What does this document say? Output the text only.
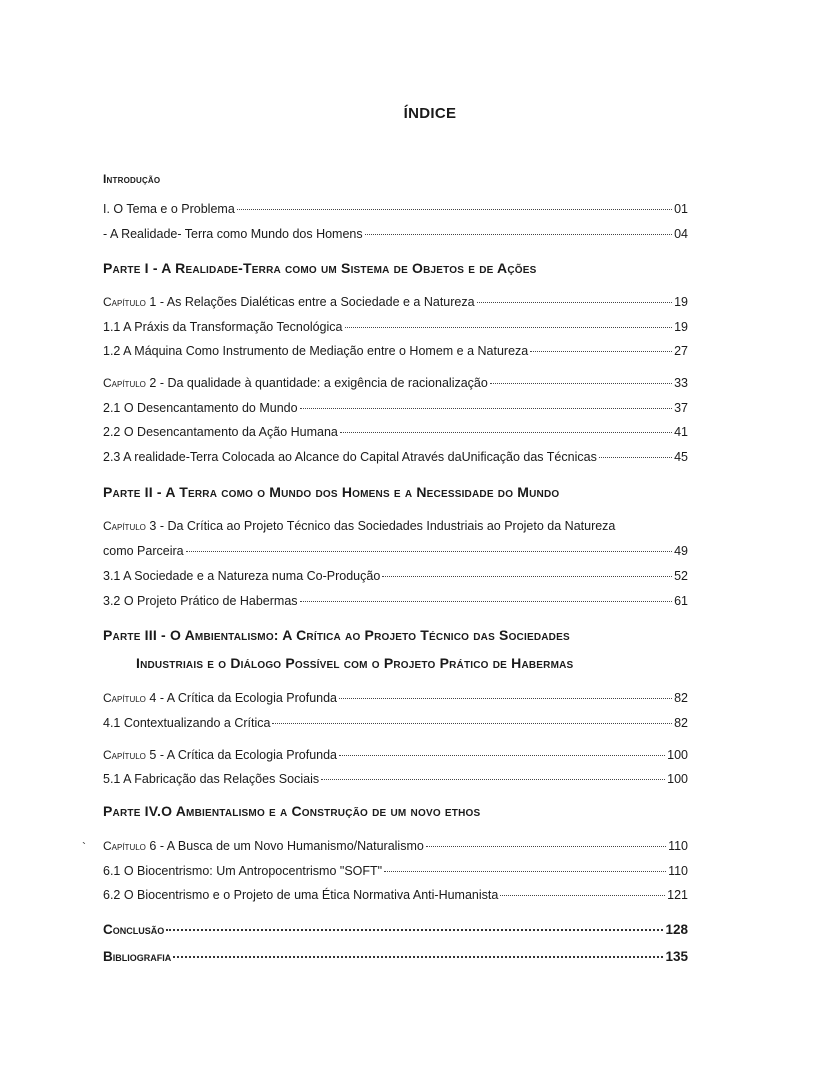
ÍNDICE
Introdução
I. O Tema e o Problema	01
- A Realidade- Terra como Mundo dos Homens	04
Parte I - A Realidade-Terra como um Sistema de Objetos e de Ações
Capítulo 1 - As Relações Dialéticas entre a Sociedade e a Natureza	19
1.1 A Práxis da Transformação Tecnológica	19
1.2 A Máquina Como Instrumento de Mediação entre o Homem e a Natureza	27
Capítulo 2 - Da qualidade à quantidade: a exigência de racionalização	33
2.1 O Desencantamento do Mundo	37
2.2 O Desencantamento da Ação Humana	41
2.3 A realidade-Terra Colocada ao Alcance do Capital Através daUnificação das Técnicas	45
Parte II - A Terra como o Mundo dos Homens e a Necessidade do Mundo
Capítulo 3 - Da Crítica ao Projeto Técnico das Sociedades Industriais ao Projeto da Natureza
como Parceira	49
3.1 A Sociedade e a Natureza numa Co-Produção	52
3.2 O Projeto Prático de Habermas	61
Parte III - O Ambientalismo: A Crítica ao Projeto Técnico das Sociedades
Industriais e o Diálogo Possível com o Projeto Prático de Habermas
Capítulo 4 - A Crítica da Ecologia Profunda	82
4.1 Contextualizando a Crítica	82
Capítulo 5 - A Crítica da Ecologia Profunda	100
5.1 A Fabricação das Relações Sociais	100
Parte IV.O Ambientalismo e a Construção de um novo ethos
` Capítulo 6 - A Busca de um Novo Humanismo/Naturalismo	110
6.1 O Biocentrismo: Um Antropocentrismo "SOFT"	110
6.2 O Biocentrismo e o Projeto de uma Ética Normativa Anti-Humanista	121
Conclusão	128
Bibliografia	135
